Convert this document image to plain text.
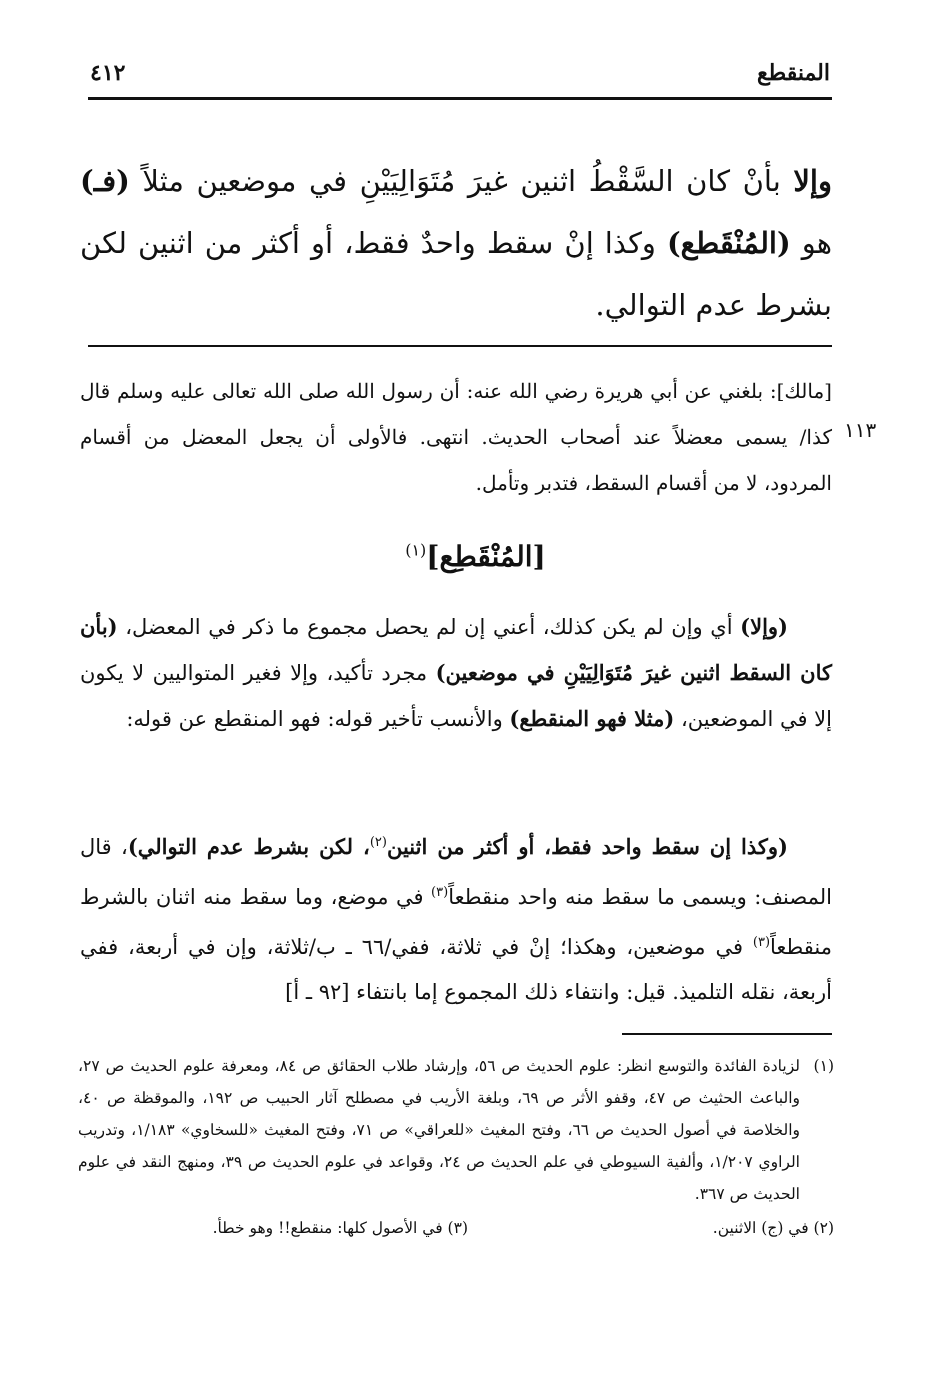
٤١٢	المنقطع
وإلا بأنْ كان السَّقْطُ اثنين غيرَ مُتَوَالِيَيْنِ في موضعين مثلاً (فـ) هو (المُنْقَطع) وكذا إنْ سقط واحدٌ فقط، أو أكثر من اثنين لكن بشرط عدم التوالي.
[مالك]: بلغني عن أبي هريرة رضي الله عنه: أن رسول الله صلى الله تعالى عليه وسلم قال كذا/ يسمى معضلاً عند أصحاب الحديث. انتهى. فالأولى أن يجعل المعضل من أقسام المردود، لا من أقسام السقط، فتدبر وتأمل.
١١٣
[المُنْقَطِع]$^{(١)}$
(وإلا) أي وإن لم يكن كذلك، أعني إن لم يحصل مجموع ما ذكر في المعضل، (بأن كان السقط اثنين غيرَ مُتَوَالِيَيْنِ في موضعين) مجرد تأكيد، وإلا فغير المتواليين لا يكون إلا في الموضعين، (مثلا فهو المنقطع) والأنسب تأخير قوله: فهو المنقطع عن قوله:
(وكذا إن سقط واحد فقط، أو أكثر من اثنين$^{(٢)}$، لكن بشرط عدم التوالي)، قال المصنف: ويسمى ما سقط منه واحد منقطعاً$^{(٣)}$ في موضع، وما سقط منه اثنان بالشرط منقطعاً$^{(٣)}$ في موضعين، وهكذا؛ إنْ في ثلاثة، ففي/٦٦ ـ ب/ثلاثة، وإن في أربعة، ففي أربعة، نقله التلميذ. قيل: وانتفاء ذلك المجموع إما بانتفاء [٩٢ ـ أ]
(١)
لزيادة الفائدة والتوسع انظر: علوم الحديث ص ٥٦، وإرشاد طلاب الحقائق ص ٨٤، ومعرفة علوم الحديث ص ٢٧، والباعث الحثيث ص ٤٧، وقفو الأثر ص ٦٩، وبلغة الأريب في مصطلح آثار الحبيب ص ١٩٢، والموقظة ص ٤٠، والخلاصة في أصول الحديث ص ٦٦، وفتح المغيث «للعراقي» ص ٧١، وفتح المغيث «للسخاوي» ١/١٨٣، وتدريب الراوي ١/٢٠٧، وألفية السيوطي في علم الحديث ص ٢٤، وقواعد في علوم الحديث ص ٣٩، ومنهج النقد في علوم الحديث ص ٣٦٧.
(٢) في (ج) الاثنين.
(٣) في الأصول كلها: منقطع!! وهو خطأ.
